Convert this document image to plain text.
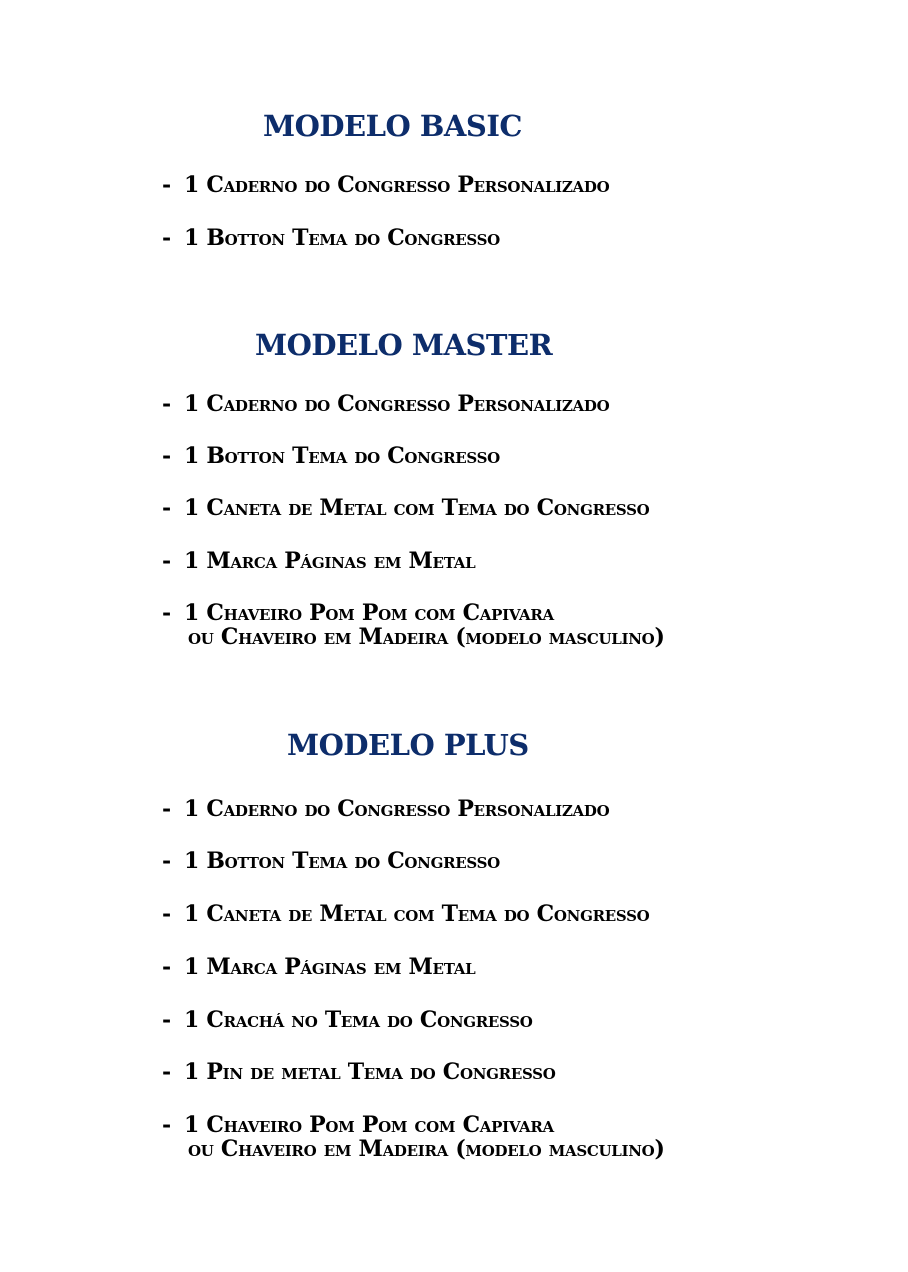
MODELO BASIC
- 1 Caderno do Congresso Personalizado
- 1 Botton Tema do Congresso
MODELO MASTER
- 1 Caderno do Congresso Personalizado
- 1 Botton Tema do Congresso
- 1 Caneta de Metal com Tema do Congresso
- 1 Marca Páginas em Metal
- 1 Chaveiro Pom Pom com Capivara
ou Chaveiro em Madeira (modelo masculino)
MODELO PLUS
- 1 Caderno do Congresso Personalizado
- 1 Botton Tema do Congresso
- 1 Caneta de Metal com Tema do Congresso
- 1 Marca Páginas em Metal
- 1 Crachá no Tema do Congresso
- 1 Pin de metal Tema do Congresso
- 1 Chaveiro Pom Pom com Capivara
ou Chaveiro em Madeira (modelo masculino)
